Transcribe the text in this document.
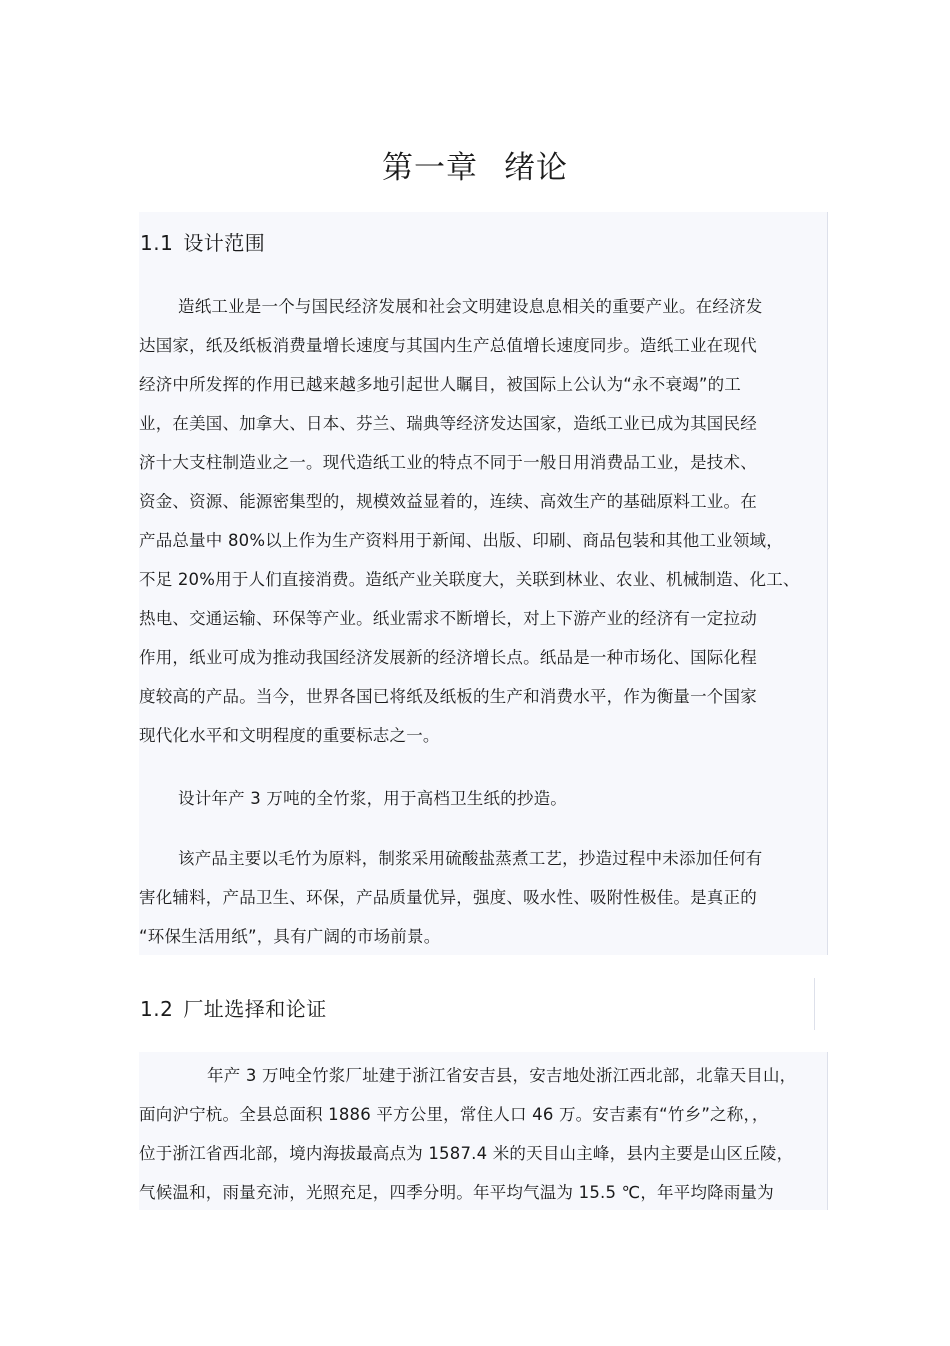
第一章 绪论
1.1 设计范围

造纸工业是一个与国民经济发展和社会文明建设息息相关的重要产业。在经济发
达国家，纸及纸板消费量增长速度与其国内生产总值增长速度同步。造纸工业在现代
经济中所发挥的作用已越来越多地引起世人瞩目，被国际上公认为“永不衰竭”的工
业，在美国、加拿大、日本、芬兰、瑞典等经济发达国家，造纸工业已成为其国民经
济十大支柱制造业之一。现代造纸工业的特点不同于一般日用消费品工业，是技术、
资金、资源、能源密集型的，规模效益显着的，连续、高效生产的基础原料工业。在
产品总量中 80%以上作为生产资料用于新闻、出版、印刷、商品包装和其他工业领域，
不足 20%用于人们直接消费。造纸产业关联度大，关联到林业、农业、机械制造、化工、
热电、交通运输、环保等产业。纸业需求不断增长，对上下游产业的经济有一定拉动
作用，纸业可成为推动我国经济发展新的经济增长点。纸品是一种市场化、国际化程
度较高的产品。当今，世界各国已将纸及纸板的生产和消费水平，作为衡量一个国家
现代化水平和文明程度的重要标志之一。

设计年产 3 万吨的全竹浆，用于高档卫生纸的抄造。

该产品主要以毛竹为原料，制浆采用硫酸盐蒸煮工艺，抄造过程中未添加任何有
害化辅料，产品卫生、环保，产品质量优异，强度、吸水性、吸附性极佳。是真正的
“环保生活用纸”，具有广阔的市场前景。

1.2 厂址选择和论证

年产 3 万吨全竹浆厂址建于浙江省安吉县，安吉地处浙江西北部，北靠天目山，
面向沪宁杭。全县总面积 1886 平方公里，常住人口 46 万。安吉素有“竹乡”之称，，
位于浙江省西北部，境内海拔最高点为 1587.4 米的天目山主峰，县内主要是山区丘陵，
气候温和，雨量充沛，光照充足，四季分明。年平均气温为 15.5 ℃，年平均降雨量为
